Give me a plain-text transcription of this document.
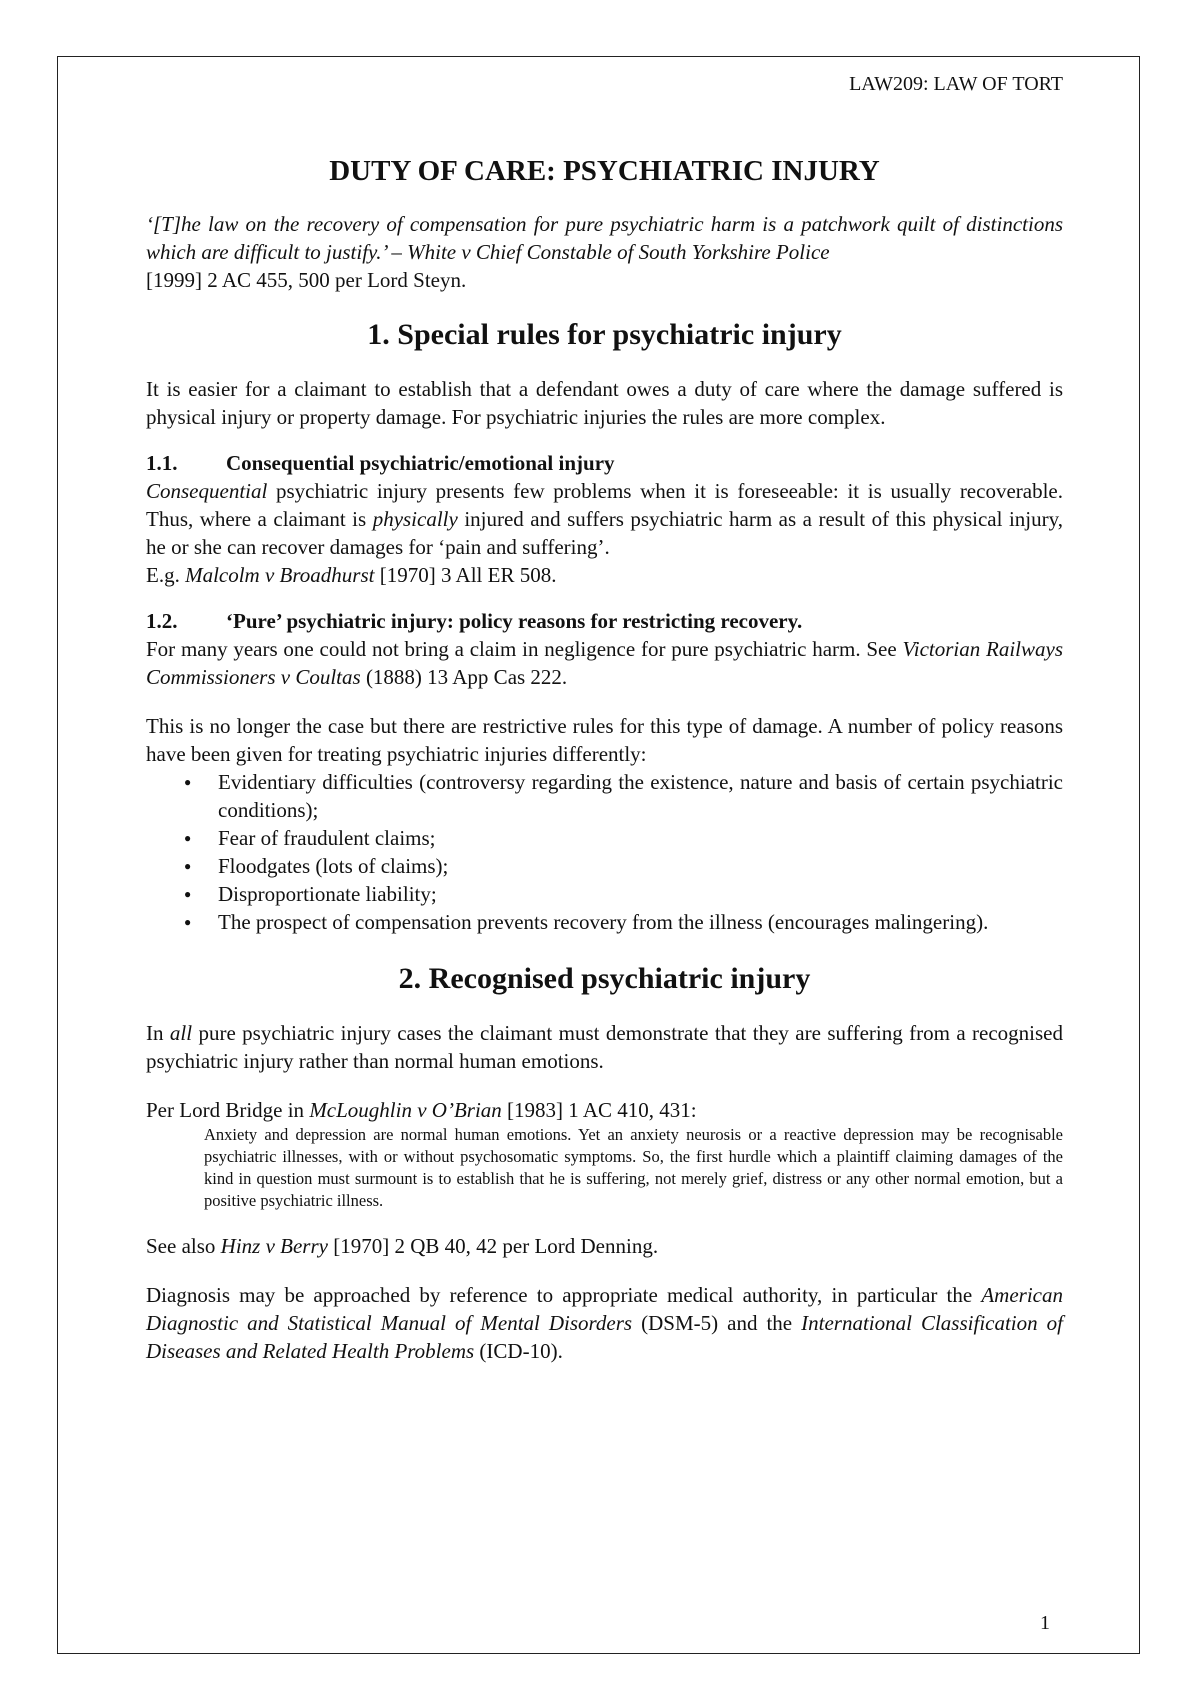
LAW209: LAW OF TORT

DUTY OF CARE: PSYCHIATRIC INJURY

‘[T]he law on the recovery of compensation for pure psychiatric harm is a patchwork quilt of distinctions which are difficult to justify.’ – White v Chief Constable of South Yorkshire Police

[1999] 2 AC 455, 500 per Lord Steyn.

1. Special rules for psychiatric injury

It is easier for a claimant to establish that a defendant owes a duty of care where the damage suffered is physical injury or property damage. For psychiatric injuries the rules are more complex.

1.1. Consequential psychiatric/emotional injury

Consequential psychiatric injury presents few problems when it is foreseeable: it is usually recoverable. Thus, where a claimant is physically injured and suffers psychiatric harm as a result of this physical injury, he or she can recover damages for ‘pain and suffering’.

E.g. Malcolm v Broadhurst [1970] 3 All ER 508.

1.2. ‘Pure’ psychiatric injury: policy reasons for restricting recovery.

For many years one could not bring a claim in negligence for pure psychiatric harm. See Victorian Railways Commissioners v Coultas (1888) 13 App Cas 222.

This is no longer the case but there are restrictive rules for this type of damage. A number of policy reasons have been given for treating psychiatric injuries differently:

● Evidentiary difficulties (controversy regarding the existence, nature and basis of certain psychiatric conditions);
● Fear of fraudulent claims;
● Floodgates (lots of claims);
● Disproportionate liability;
● The prospect of compensation prevents recovery from the illness (encourages malingering).

2. Recognised psychiatric injury

In all pure psychiatric injury cases the claimant must demonstrate that they are suffering from a recognised psychiatric injury rather than normal human emotions.

Per Lord Bridge in McLoughlin v O’Brian [1983] 1 AC 410, 431:

Anxiety and depression are normal human emotions. Yet an anxiety neurosis or a reactive depression may be recognisable psychiatric illnesses, with or without psychosomatic symptoms. So, the first hurdle which a plaintiff claiming damages of the kind in question must surmount is to establish that he is suffering, not merely grief, distress or any other normal emotion, but a positive psychiatric illness.

See also Hinz v Berry [1970] 2 QB 40, 42 per Lord Denning.

Diagnosis may be approached by reference to appropriate medical authority, in particular the American Diagnostic and Statistical Manual of Mental Disorders (DSM-5) and the International Classification of Diseases and Related Health Problems (ICD-10).

1
